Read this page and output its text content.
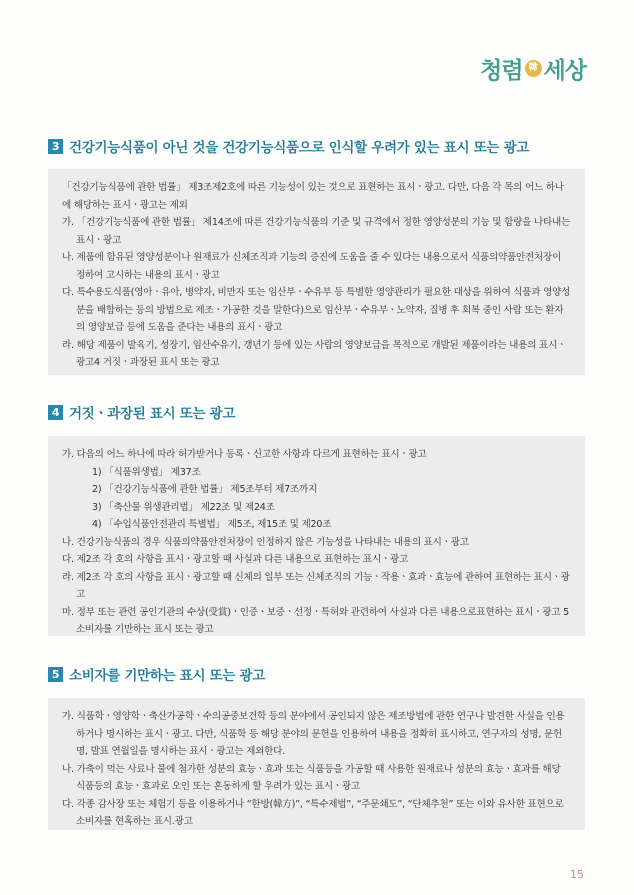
청렴 韓 세상
3 건강기능식품이 아닌 것을 건강기능식품으로 인식할 우려가 있는 표시 또는 광고
「건강기능식품에 관한 법률」 제3조제2호에 따른 기능성이 있는 것으로 표현하는 표시ㆍ광고. 다만, 다음 각 목의 어느 하나에 해당하는 표시ㆍ광고는 제외
가. 「건강기능식품에 관한 법률」 제14조에 따른 건강기능식품의 기준 및 규격에서 정한 영양성분의 기능 및 함량을 나타내는 표시ㆍ광고
나. 제품에 함유된 영양성분이나 원재료가 신체조직과 기능의 증진에 도움을 줄 수 있다는 내용으로서 식품의약품안전처장이 정하여 고시하는 내용의 표시ㆍ광고
다. 특수용도식품(영아ㆍ유아, 병약자, 비만자 또는 임산부ㆍ수유부 등 특별한 영양관리가 필요한 대상을 위하여 식품과 영양성분을 배합하는 등의 방법으로 제조ㆍ가공한 것을 말한다)으로 임산부ㆍ수유부ㆍ노약자, 질병 후 회복 중인 사람 또는 환자의 영양보급 등에 도움을 준다는 내용의 표시ㆍ광고
라. 해당 제품이 발육기, 성장기, 임산수유기, 갱년기 등에 있는 사람의 영양보급을 목적으로 개발된 제품이라는 내용의 표시ㆍ광고4 거짓ㆍ과장된 표시 또는 광고
4 거짓ㆍ과장된 표시 또는 광고
가. 다음의 어느 하나에 따라 허가받거나 등록ㆍ신고한 사항과 다르게 표현하는 표시ㆍ광고
1) 「식품위생법」 제37조
2) 「건강기능식품에 관한 법률」 제5조부터 제7조까지
3) 「축산물 위생관리법」 제22조 및 제24조
4) 「수입식품안전관리 특별법」 제5조, 제15조 및 제20조
나. 건강기능식품의 경우 식품의약품안전처장이 인정하지 않은 기능성을 나타내는 내용의 표시ㆍ광고
다. 제2조 각 호의 사항을 표시ㆍ광고할 때 사실과 다른 내용으로 표현하는 표시ㆍ광고
라. 제2조 각 호의 사항을 표시ㆍ광고할 때 신체의 일부 또는 신체조직의 기능ㆍ작용ㆍ효과ㆍ효능에 관하여 표현하는 표시ㆍ광고
마. 정부 또는 관련 공인기관의 수상(受賞)ㆍ인증ㆍ보증ㆍ선정ㆍ특허와 관련하여 사실과 다른 내용으로표현하는 표시ㆍ광고 5 소비자를 기만하는 표시 또는 광고
5 소비자를 기만하는 표시 또는 광고
가. 식품학ㆍ영양학ㆍ축산가공학ㆍ수의공중보건학 등의 분야에서 공인되지 않은 제조방법에 관한 연구나 발견한 사실을 인용하거나 명시하는 표시ㆍ광고. 다만, 식품학 등 해당 분야의 문헌을 인용하여 내용을 정확히 표시하고, 연구자의 성명, 문헌명, 발표 연월일을 명시하는 표시ㆍ광고는 제외한다.
나. 가축이 먹는 사료나 물에 첨가한 성분의 효능ㆍ효과 또는 식품등을 가공할 때 사용한 원재료나 성분의 효능ㆍ효과를 해당 식품등의 효능ㆍ효과로 오인 또는 혼동하게 할 우려가 있는 표시ㆍ광고
다. 각종 감사장 또는 체험기 등을 이용하거나 “한방(韓方)”, “특수제법”, “주문쇄도”, “단체추천” 또는 이와 유사한 표현으로 소비자를 현혹하는 표시.광고
15
